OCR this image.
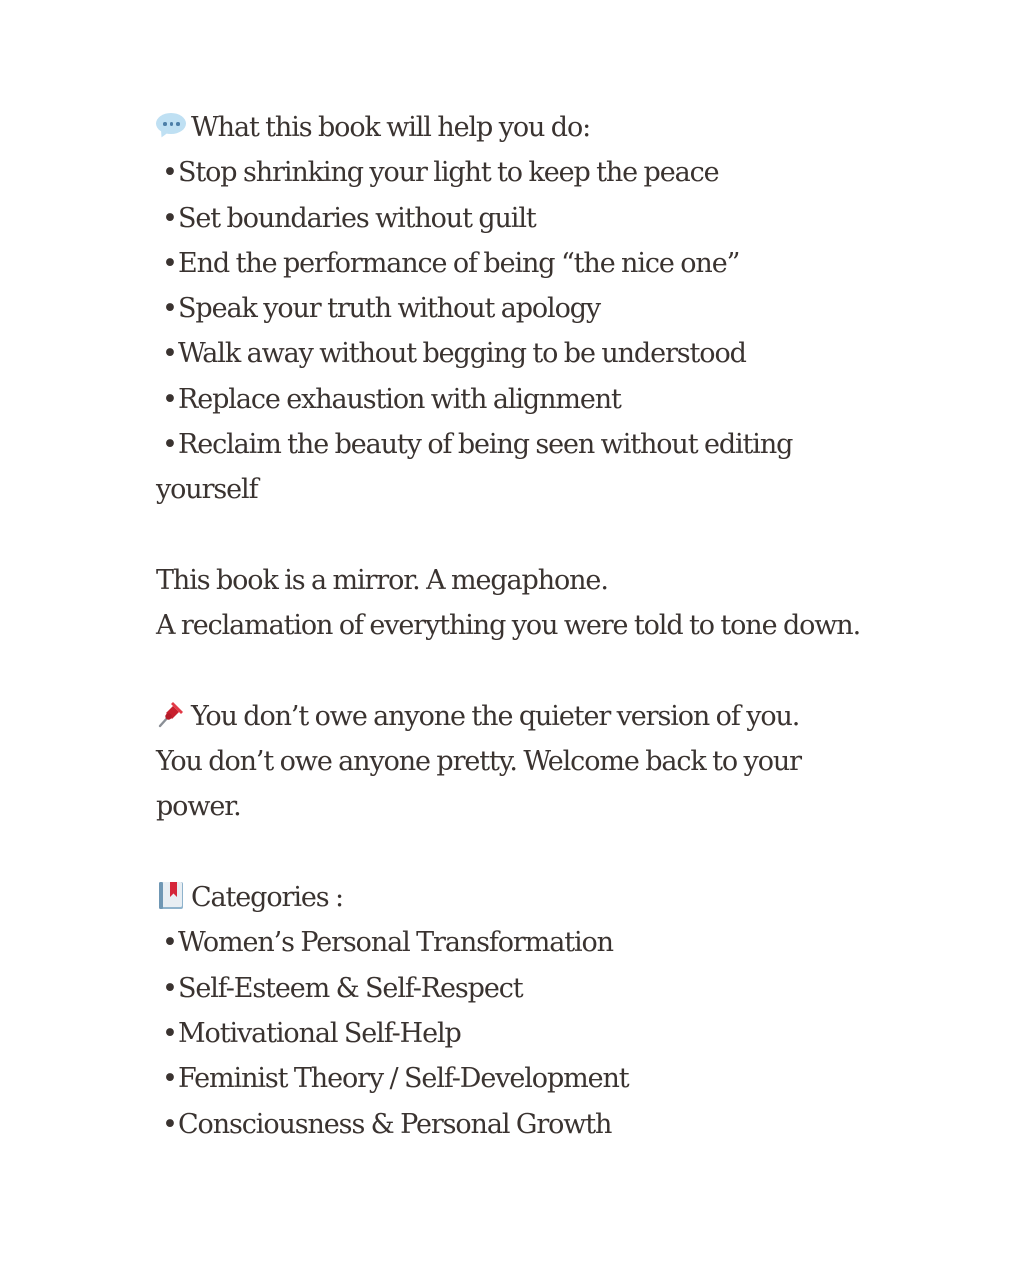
What this book will help you do:
•Stop shrinking your light to keep the peace
•Set boundaries without guilt
•End the performance of being “the nice one”
•Speak your truth without apology
•Walk away without begging to be understood
•Replace exhaustion with alignment
•Reclaim the beauty of being seen without editing
yourself
This book is a mirror. A megaphone.
A reclamation of everything you were told to tone down.
You don’t owe anyone the quieter version of you.
You don’t owe anyone pretty. Welcome back to your
power.
Categories :
•Women’s Personal Transformation
•Self-Esteem & Self-Respect
•Motivational Self-Help
•Feminist Theory / Self-Development
•Consciousness & Personal Growth
